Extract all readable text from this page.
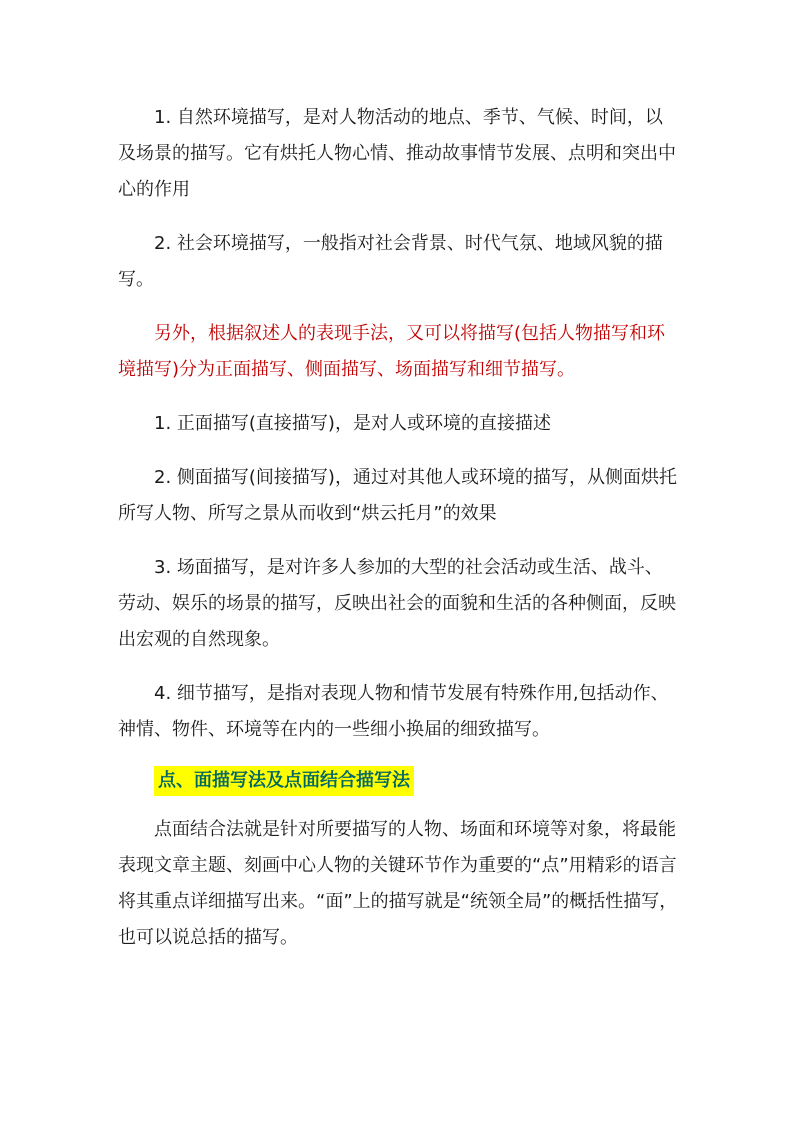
1. 自然环境描写，是对人物活动的地点、季节、气候、时间，以及场景的描写。它有烘托人物心情、推动故事情节发展、点明和突出中心的作用

2. 社会环境描写，一般指对社会背景、时代气氛、地域风貌的描写。

另外，根据叙述人的表现手法，又可以将描写(包括人物描写和环境描写)分为正面描写、侧面描写、场面描写和细节描写。

1. 正面描写(直接描写)，是对人或环境的直接描述

2. 侧面描写(间接描写)，通过对其他人或环境的描写，从侧面烘托所写人物、所写之景从而收到“烘云托月”的效果

3. 场面描写，是对许多人参加的大型的社会活动或生活、战斗、劳动、娱乐的场景的描写，反映出社会的面貌和生活的各种侧面，反映出宏观的自然现象。

4. 细节描写，是指对表现人物和情节发展有特殊作用,包括动作、神情、物件、环境等在内的一些细小换届的细致描写。

点、面描写法及点面结合描写法

点面结合法就是针对所要描写的人物、场面和环境等对象，将最能表现文章主题、刻画中心人物的关键环节作为重要的“点”用精彩的语言将其重点详细描写出来。“面”上的描写就是“统领全局”的概括性描写，也可以说总括的描写。
